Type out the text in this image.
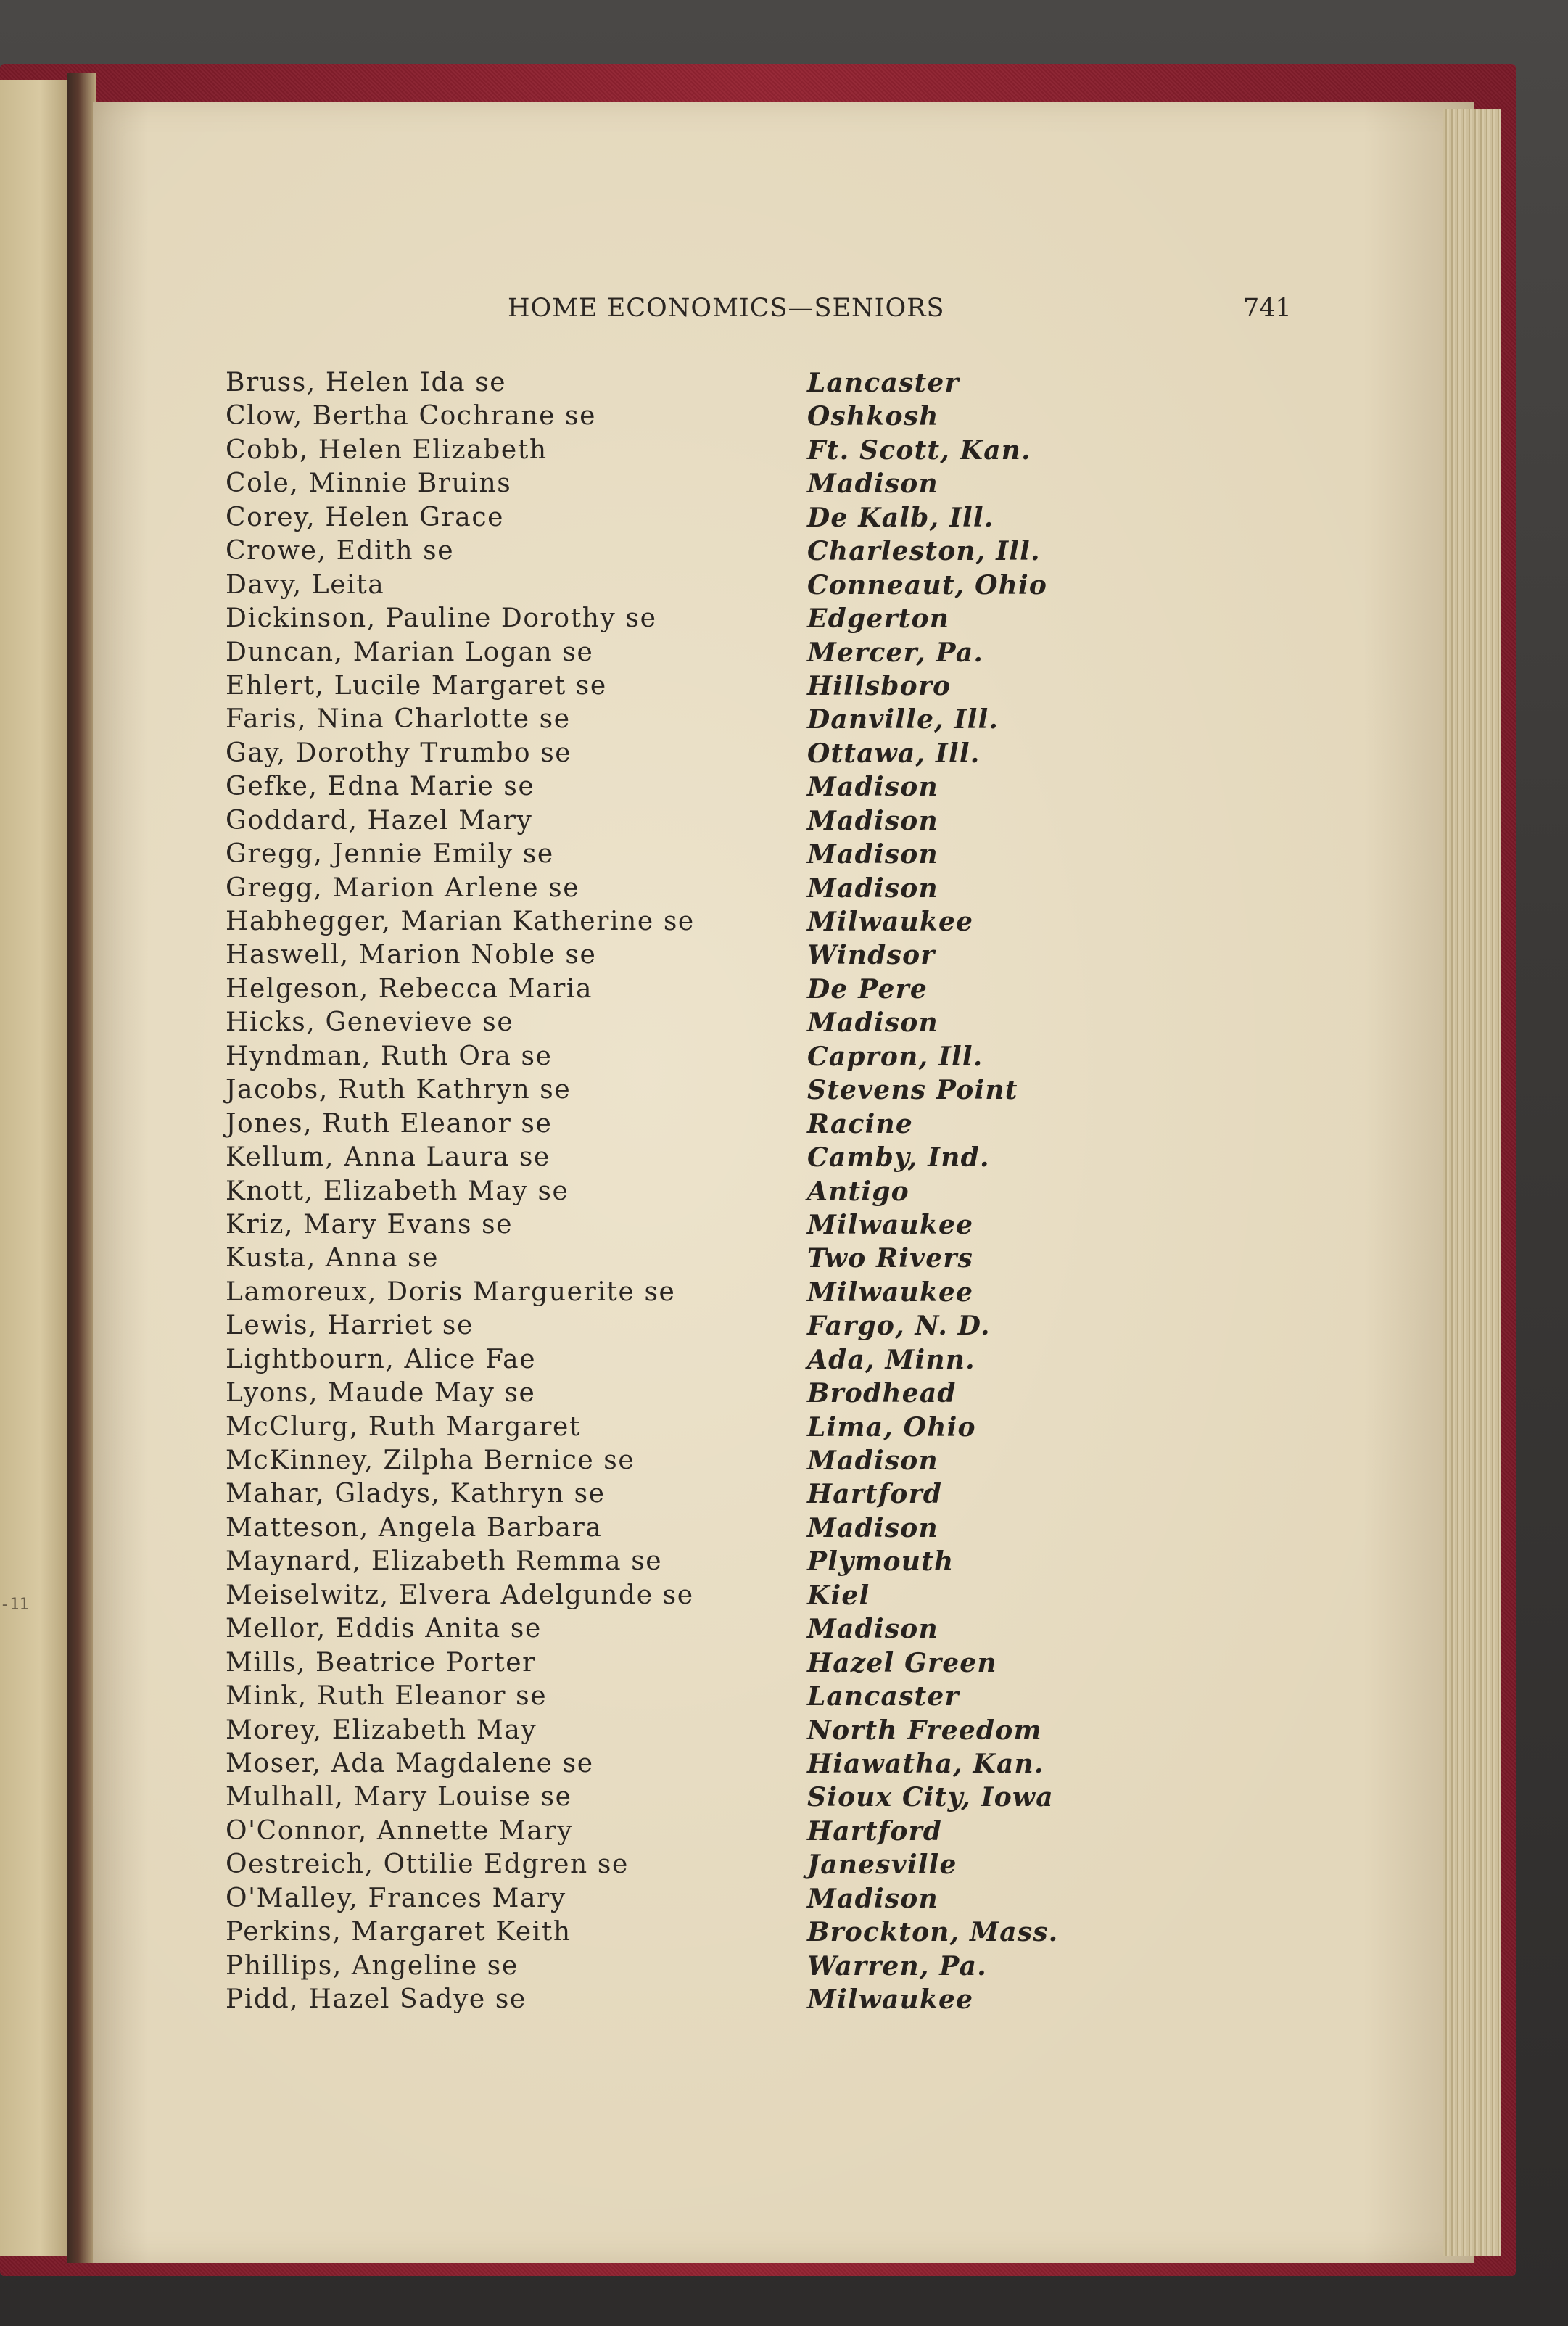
-11
HOME ECONOMICS—SENIORS	741
Bruss, Helen Ida se
Clow, Bertha Cochrane se
Cobb, Helen Elizabeth
Cole, Minnie Bruins
Corey, Helen Grace
Crowe, Edith se
Davy, Leita
Dickinson, Pauline Dorothy se
Duncan, Marian Logan se
Ehlert, Lucile Margaret se
Faris, Nina Charlotte se
Gay, Dorothy Trumbo se
Gefke, Edna Marie se
Goddard, Hazel Mary
Gregg, Jennie Emily se
Gregg, Marion Arlene se
Habhegger, Marian Katherine se
Haswell, Marion Noble se
Helgeson, Rebecca Maria
Hicks, Genevieve se
Hyndman, Ruth Ora se
Jacobs, Ruth Kathryn se
Jones, Ruth Eleanor se
Kellum, Anna Laura se
Knott, Elizabeth May se
Kriz, Mary Evans se
Kusta, Anna se
Lamoreux, Doris Marguerite se
Lewis, Harriet se
Lightbourn, Alice Fae
Lyons, Maude May se
McClurg, Ruth Margaret
McKinney, Zilpha Bernice se
Mahar, Gladys, Kathryn se
Matteson, Angela Barbara
Maynard, Elizabeth Remma se
Meiselwitz, Elvera Adelgunde se
Mellor, Eddis Anita se
Mills, Beatrice Porter
Mink, Ruth Eleanor se
Morey, Elizabeth May
Moser, Ada Magdalene se
Mulhall, Mary Louise se
O'Connor, Annette Mary
Oestreich, Ottilie Edgren se
O'Malley, Frances Mary
Perkins, Margaret Keith
Phillips, Angeline se
Pidd, Hazel Sadye se
Lancaster
Oshkosh
Ft. Scott, Kan.
Madison
De Kalb, Ill.
Charleston, Ill.
Conneaut, Ohio
Edgerton
Mercer, Pa.
Hillsboro
Danville, Ill.
Ottawa, Ill.
Madison
Madison
Madison
Madison
Milwaukee
Windsor
De Pere
Madison
Capron, Ill.
Stevens Point
Racine
Camby, Ind.
Antigo
Milwaukee
Two Rivers
Milwaukee
Fargo, N. D.
Ada, Minn.
Brodhead
Lima, Ohio
Madison
Hartford
Madison
Plymouth
Kiel
Madison
Hazel Green
Lancaster
North Freedom
Hiawatha, Kan.
Sioux City, Iowa
Hartford
Janesville
Madison
Brockton, Mass.
Warren, Pa.
Milwaukee
